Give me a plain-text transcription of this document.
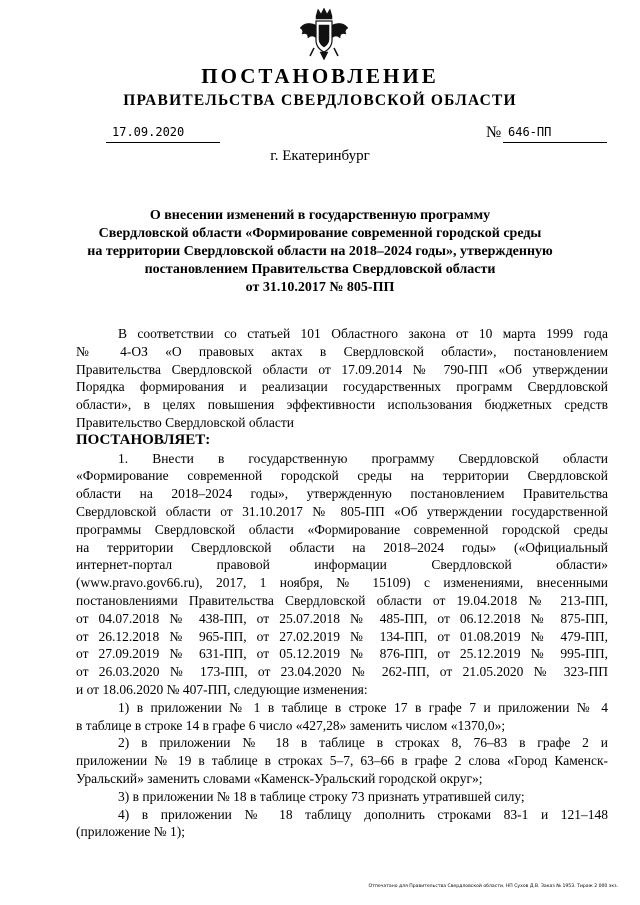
ПОСТАНОВЛЕНИЕ
ПРАВИТЕЛЬСТВА СВЕРДЛОВСКОЙ ОБЛАСТИ
17.09.2020	№ 646-ПП
г. Екатеринбург
О внесении изменений в государственную программу
Свердловской области «Формирование современной городской среды
на территории Свердловской области на 2018–2024 годы», утвержденную
постановлением Правительства Свердловской области
от 31.10.2017 № 805-ПП
В соответствии со статьей 101 Областного закона от 10 марта 1999 года
№ 4-ОЗ «О правовых актах в Свердловской области», постановлением
Правительства Свердловской области от 17.09.2014 № 790-ПП «Об утверждении
Порядка формирования и реализации государственных программ Свердловской
области», в целях повышения эффективности использования бюджетных средств
Правительство Свердловской области
ПОСТАНОВЛЯЕТ:
1. Внести в государственную программу Свердловской области
«Формирование современной городской среды на территории Свердловской
области на 2018–2024 годы», утвержденную постановлением Правительства
Свердловской области от 31.10.2017 № 805-ПП «Об утверждении государственной
программы Свердловской области «Формирование современной городской среды
на территории Свердловской области на 2018–2024 годы» («Официальный
интернет-портал правовой информации Свердловской области»
(www.pravo.gov66.ru), 2017, 1 ноября, № 15109) с изменениями, внесенными
постановлениями Правительства Свердловской области от 19.04.2018 № 213-ПП,
от 04.07.2018 № 438-ПП, от 25.07.2018 № 485-ПП, от 06.12.2018 № 875-ПП,
от 26.12.2018 № 965-ПП, от 27.02.2019 № 134-ПП, от 01.08.2019 № 479-ПП,
от 27.09.2019 № 631-ПП, от 05.12.2019 № 876-ПП, от 25.12.2019 № 995-ПП,
от 26.03.2020 № 173-ПП, от 23.04.2020 № 262-ПП, от 21.05.2020 № 323-ПП
и от 18.06.2020 № 407-ПП, следующие изменения:
1) в приложении № 1 в таблице в строке 17 в графе 7 и приложении № 4
в таблице в строке 14 в графе 6 число «427,28» заменить числом «1370,0»;
2) в приложении № 18 в таблице в строках 8, 76–83 в графе 2 и
приложении № 19 в таблице в строках 5–7, 63–66 в графе 2 слова «Город Каменск-
Уральский» заменить словами «Каменск-Уральский городской округ»;
3) в приложении № 18 в таблице строку 73 признать утратившей силу;
4) в приложении № 18 таблицу дополнить строками 83-1 и 121–148
(приложение № 1);
Отпечатано для Правительства Свердловской области. НП Сухов Д.В. Заказ № 1953. Тираж 2 000 экз.
